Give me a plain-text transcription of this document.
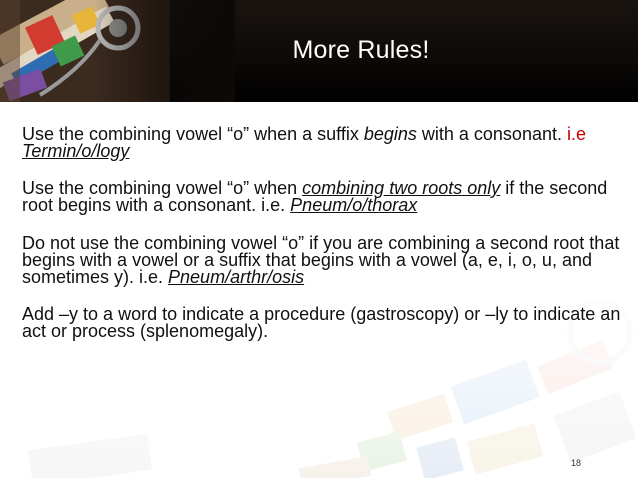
More Rules!

Use the combining vowel “o” when a suffix begins with a consonant. i.e Termin/o/logy

Use the combining vowel “o” when combining two roots only if the second root begins with a consonant. i.e. Pneum/o/thorax

Do not use the combining vowel “o” if you are combining a second root that begins with a vowel or a suffix that begins with a vowel (a, e, i, o, u, and sometimes y). i.e. Pneum/arthr/osis

Add –y to a word to indicate a procedure (gastroscopy) or –ly to indicate an act or process (splenomegaly).

18
